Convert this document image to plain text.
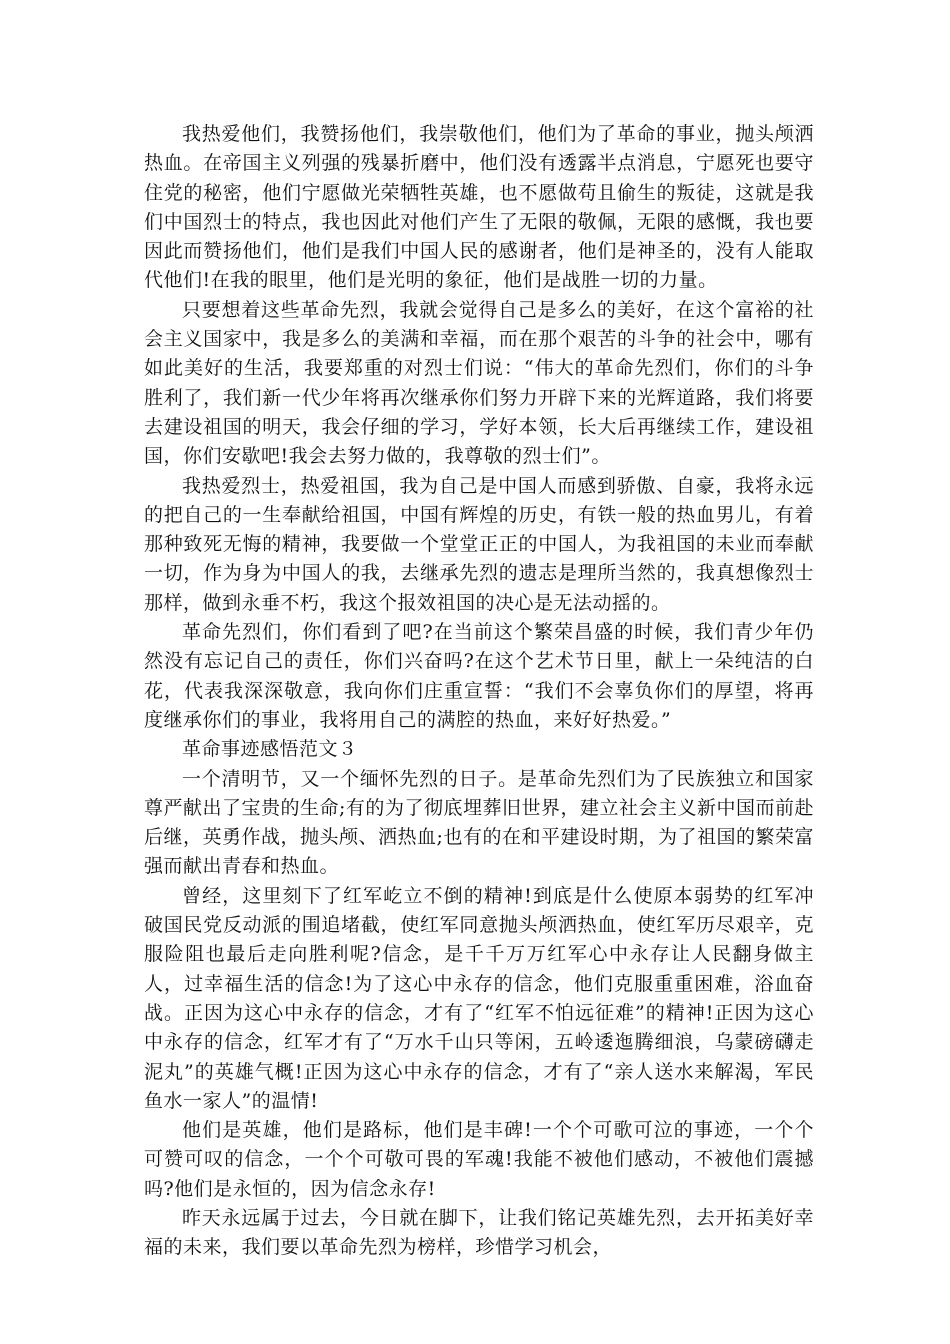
我热爱他们，我赞扬他们，我崇敬他们，他们为了革命的事业，抛头颅洒热血。在帝国主义列强的残暴折磨中，他们没有透露半点消息，宁愿死也要守住党的秘密，他们宁愿做光荣牺牲英雄，也不愿做苟且偷生的叛徒，这就是我们中国烈士的特点，我也因此对他们产生了无限的敬佩，无限的感慨，我也要因此而赞扬他们，他们是我们中国人民的感谢者，他们是神圣的，没有人能取代他们!在我的眼里，他们是光明的象征，他们是战胜一切的力量。

只要想着这些革命先烈，我就会觉得自己是多么的美好，在这个富裕的社会主义国家中，我是多么的美满和幸福，而在那个艰苦的斗争的社会中，哪有如此美好的生活，我要郑重的对烈士们说：“伟大的革命先烈们，你们的斗争胜利了，我们新一代少年将再次继承你们努力开辟下来的光辉道路，我们将要去建设祖国的明天，我会仔细的学习，学好本领，长大后再继续工作，建设祖国，你们安歇吧!我会去努力做的，我尊敬的烈士们”。

我热爱烈士，热爱祖国，我为自己是中国人而感到骄傲、自豪，我将永远的把自己的一生奉献给祖国，中国有辉煌的历史，有铁一般的热血男儿，有着那种致死无悔的精神，我要做一个堂堂正正的中国人，为我祖国的未业而奉献一切，作为身为中国人的我，去继承先烈的遗志是理所当然的，我真想像烈士那样，做到永垂不朽，我这个报效祖国的决心是无法动摇的。

革命先烈们，你们看到了吧?在当前这个繁荣昌盛的时候，我们青少年仍然没有忘记自己的责任，你们兴奋吗?在这个艺术节日里，献上一朵纯洁的白花，代表我深深敬意，我向你们庄重宣誓：“我们不会辜负你们的厚望，将再度继承你们的事业，我将用自己的满腔的热血，来好好热爱。”

革命事迹感悟范文３

一个清明节，又一个缅怀先烈的日子。是革命先烈们为了民族独立和国家尊严献出了宝贵的生命;有的为了彻底埋葬旧世界，建立社会主义新中国而前赴后继，英勇作战，抛头颅、洒热血;也有的在和平建设时期，为了祖国的繁荣富强而献出青春和热血。

曾经，这里刻下了红军屹立不倒的精神!到底是什么使原本弱势的红军冲破国民党反动派的围追堵截，使红军同意抛头颅洒热血，使红军历尽艰辛，克服险阻也最后走向胜利呢?信念，是千千万万红军心中永存让人民翻身做主人，过幸福生活的信念!为了这心中永存的信念，他们克服重重困难，浴血奋战。正因为这心中永存的信念，才有了“红军不怕远征难”的精神!正因为这心中永存的信念，红军才有了“万水千山只等闲，五岭逶迤腾细浪，乌蒙磅礴走泥丸”的英雄气概!正因为这心中永存的信念，才有了“亲人送水来解渴，军民鱼水一家人”的温情!

他们是英雄，他们是路标，他们是丰碑!一个个可歌可泣的事迹，一个个可赞可叹的信念，一个个可敬可畏的军魂!我能不被他们感动，不被他们震撼吗?他们是永恒的，因为信念永存!

昨天永远属于过去，今日就在脚下，让我们铭记英雄先烈，去开拓美好幸福的未来，我们要以革命先烈为榜样，珍惜学习机会，
